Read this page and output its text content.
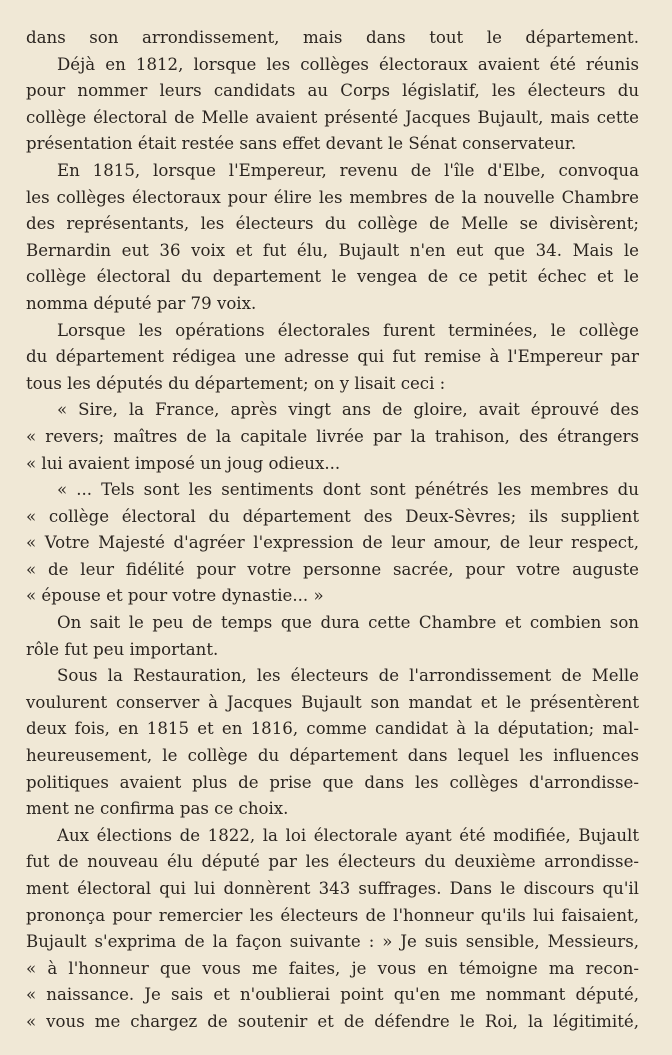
dans son arrondissement, mais dans tout le département.
Déjà en 1812, lorsque les collèges électoraux avaient été réunis
pour nommer leurs candidats au Corps législatif, les électeurs du
collège électoral de Melle avaient présenté Jacques Bujault, mais cette
présentation était restée sans effet devant le Sénat conservateur.
En 1815, lorsque l'Empereur, revenu de l'île d'Elbe, convoqua
les collèges électoraux pour élire les membres de la nouvelle Chambre
des représentants, les électeurs du collège de Melle se divisèrent;
Bernardin eut 36 voix et fut élu, Bujault n'en eut que 34. Mais le
collège électoral du departement le vengea de ce petit échec et le
nomma député par 79 voix.
Lorsque les opérations électorales furent terminées, le collège
du département rédigea une adresse qui fut remise à l'Empereur par
tous les députés du département; on y lisait ceci :
« Sire, la France, après vingt ans de gloire, avait éprouvé des
« revers; maîtres de la capitale livrée par la trahison, des étrangers
« lui avaient imposé un joug odieux...
« ... Tels sont les sentiments dont sont pénétrés les membres du
« collège électoral du département des Deux-Sèvres; ils supplient
« Votre Majesté d'agréer l'expression de leur amour, de leur respect,
« de leur fidélité pour votre personne sacrée, pour votre auguste
« épouse et pour votre dynastie... »
On sait le peu de temps que dura cette Chambre et combien son
rôle fut peu important.
Sous la Restauration, les électeurs de l'arrondissement de Melle
voulurent conserver à Jacques Bujault son mandat et le présentèrent
deux fois, en 1815 et en 1816, comme candidat à la députation; mal-
heureusement, le collège du département dans lequel les influences
politiques avaient plus de prise que dans les collèges d'arrondisse-
ment ne confirma pas ce choix.
Aux élections de 1822, la loi électorale ayant été modifiée, Bujault
fut de nouveau élu député par les électeurs du deuxième arrondisse-
ment électoral qui lui donnèrent 343 suffrages. Dans le discours qu'il
prononça pour remercier les électeurs de l'honneur qu'ils lui faisaient,
Bujault s'exprima de la façon suivante : » Je suis sensible, Messieurs,
« à l'honneur que vous me faites, je vous en témoigne ma recon-
« naissance. Je sais et n'oublierai point qu'en me nommant député,
« vous me chargez de soutenir et de défendre le Roi, la légitimité,
